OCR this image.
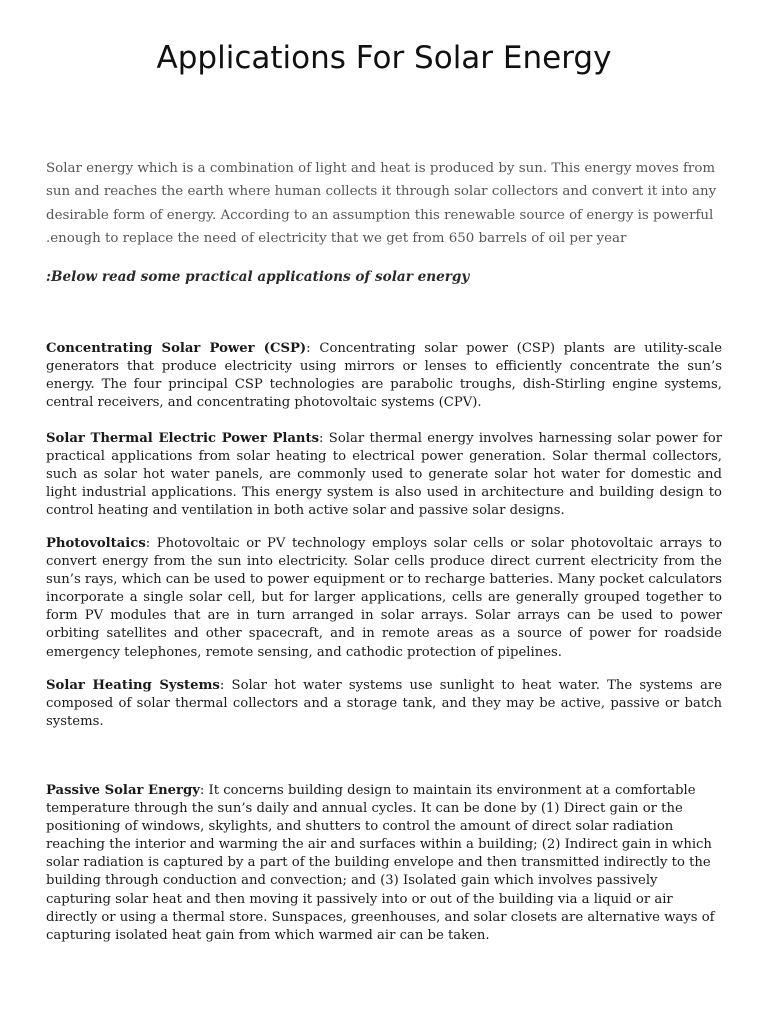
Applications For Solar Energy

Solar energy which is a combination of light and heat is produced by sun. This energy moves from sun and reaches the earth where human collects it through solar collectors and convert it into any desirable form of energy. According to an assumption this renewable source of energy is powerful .enough to replace the need of electricity that we get from 650 barrels of oil per year

:Below read some practical applications of solar energy

Concentrating Solar Power (CSP): Concentrating solar power (CSP) plants are utility-scale generators that produce electricity using mirrors or lenses to efficiently concentrate the sun’s energy. The four principal CSP technologies are parabolic troughs, dish-Stirling engine systems, central receivers, and concentrating photovoltaic systems (CPV).

Solar Thermal Electric Power Plants: Solar thermal energy involves harnessing solar power for practical applications from solar heating to electrical power generation. Solar thermal collectors, such as solar hot water panels, are commonly used to generate solar hot water for domestic and light industrial applications. This energy system is also used in architecture and building design to control heating and ventilation in both active solar and passive solar designs.

Photovoltaics: Photovoltaic or PV technology employs solar cells or solar photovoltaic arrays to convert energy from the sun into electricity. Solar cells produce direct current electricity from the sun’s rays, which can be used to power equipment or to recharge batteries. Many pocket calculators incorporate a single solar cell, but for larger applications, cells are generally grouped together to form PV modules that are in turn arranged in solar arrays. Solar arrays can be used to power orbiting satellites and other spacecraft, and in remote areas as a source of power for roadside emergency telephones, remote sensing, and cathodic protection of pipelines.

Solar Heating Systems: Solar hot water systems use sunlight to heat water. The systems are composed of solar thermal collectors and a storage tank, and they may be active, passive or batch systems.

Passive Solar Energy: It concerns building design to maintain its environment at a comfortable temperature through the sun’s daily and annual cycles. It can be done by (1) Direct gain or the positioning of windows, skylights, and shutters to control the amount of direct solar radiation reaching the interior and warming the air and surfaces within a building; (2) Indirect gain in which solar radiation is captured by a part of the building envelope and then transmitted indirectly to the building through conduction and convection; and (3) Isolated gain which involves passively capturing solar heat and then moving it passively into or out of the building via a liquid or air directly or using a thermal store. Sunspaces, greenhouses, and solar closets are alternative ways of capturing isolated heat gain from which warmed air can be taken.
